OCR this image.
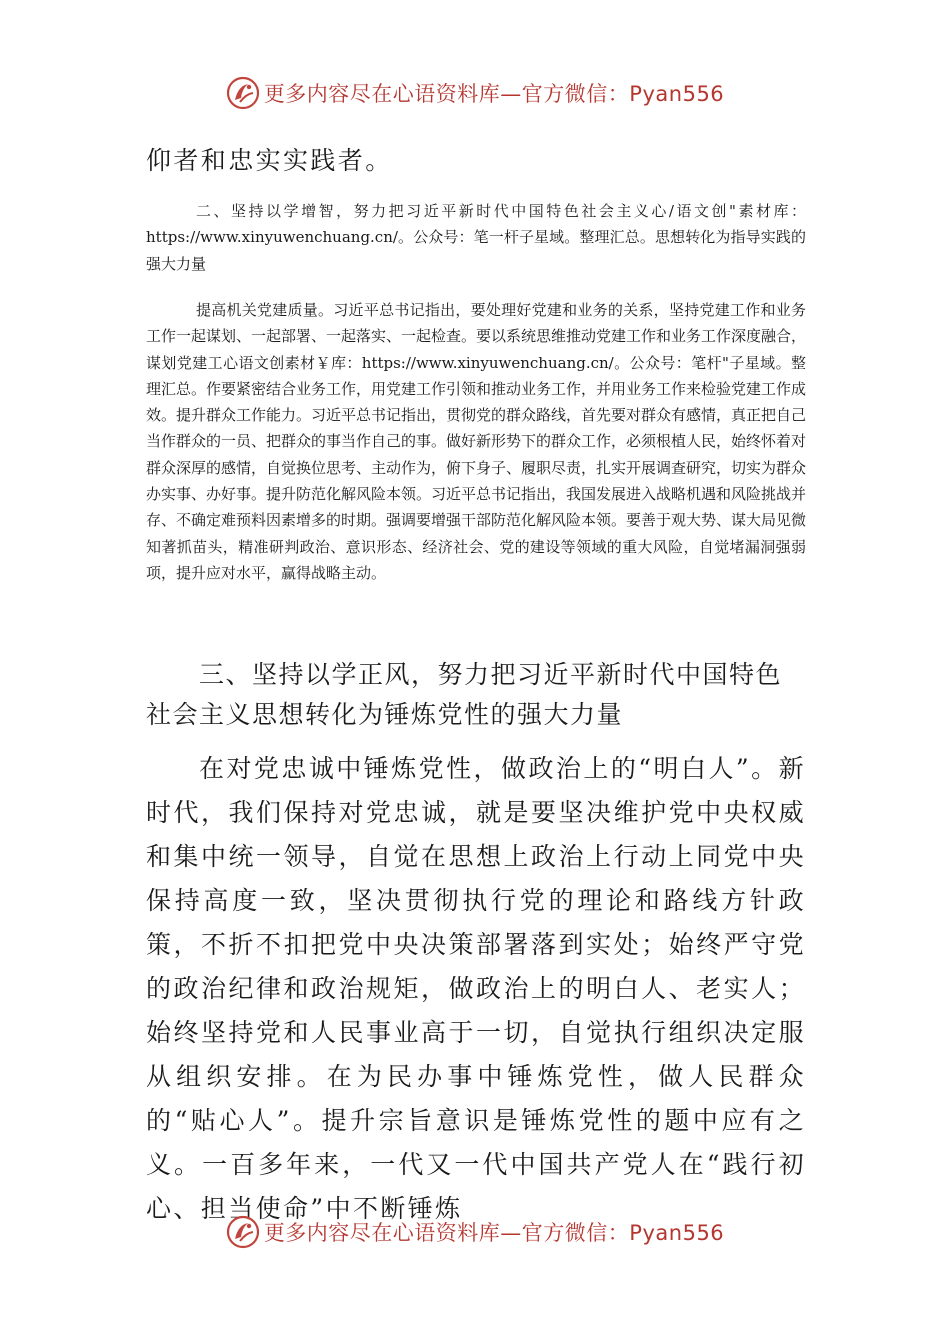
更多内容尽在心语资料库—官方微信：Pyan556

仰者和忠实实践者。

二、坚持以学增智，努力把习近平新时代中国特色社会主义心/语文创"素材库：https://www.xinyuwenchuang.cn/。公众号：笔一杆子星域。整理汇总。思想转化为指导实践的强大力量

提高机关党建质量。习近平总书记指出，要处理好党建和业务的关系，坚持党建工作和业务工作一起谋划、一起部署、一起落实、一起检查。要以系统思维推动党建工作和业务工作深度融合，谋划党建工心语文创素材￥库：https://www.xinyuwenchuang.cn/。公众号：笔杆"子星域。整理汇总。作要紧密结合业务工作，用党建工作引领和推动业务工作，并用业务工作来检验党建工作成效。提升群众工作能力。习近平总书记指出，贯彻党的群众路线，首先要对群众有感情，真正把自己当作群众的一员、把群众的事当作自己的事。做好新形势下的群众工作，必须根植人民，始终怀着对群众深厚的感情，自觉换位思考、主动作为，俯下身子、履职尽责，扎实开展调查研究，切实为群众办实事、办好事。提升防范化解风险本领。习近平总书记指出，我国发展进入战略机遇和风险挑战并存、不确定难预料因素增多的时期。强调要增强干部防范化解风险本领。要善于观大势、谋大局见微知著抓苗头，精准研判政治、意识形态、经济社会、党的建设等领域的重大风险，自觉堵漏洞强弱项，提升应对水平，赢得战略主动。

三、坚持以学正风，努力把习近平新时代中国特色社会主义思想转化为锤炼党性的强大力量

在对党忠诚中锤炼党性，做政治上的“明白人”。新时代，我们保持对党忠诚，就是要坚决维护党中央权威和集中统一领导，自觉在思想上政治上行动上同党中央保持高度一致，坚决贯彻执行党的理论和路线方针政策，不折不扣把党中央决策部署落到实处；始终严守党的政治纪律和政治规矩，做政治上的明白人、老实人；始终坚持党和人民事业高于一切，自觉执行组织决定服从组织安排。在为民办事中锤炼党性，做人民群众的“贴心人”。提升宗旨意识是锤炼党性的题中应有之义。一百多年来，一代又一代中国共产党人在“践行初心、担当使命”中不断锤炼

更多内容尽在心语资料库—官方微信：Pyan556
